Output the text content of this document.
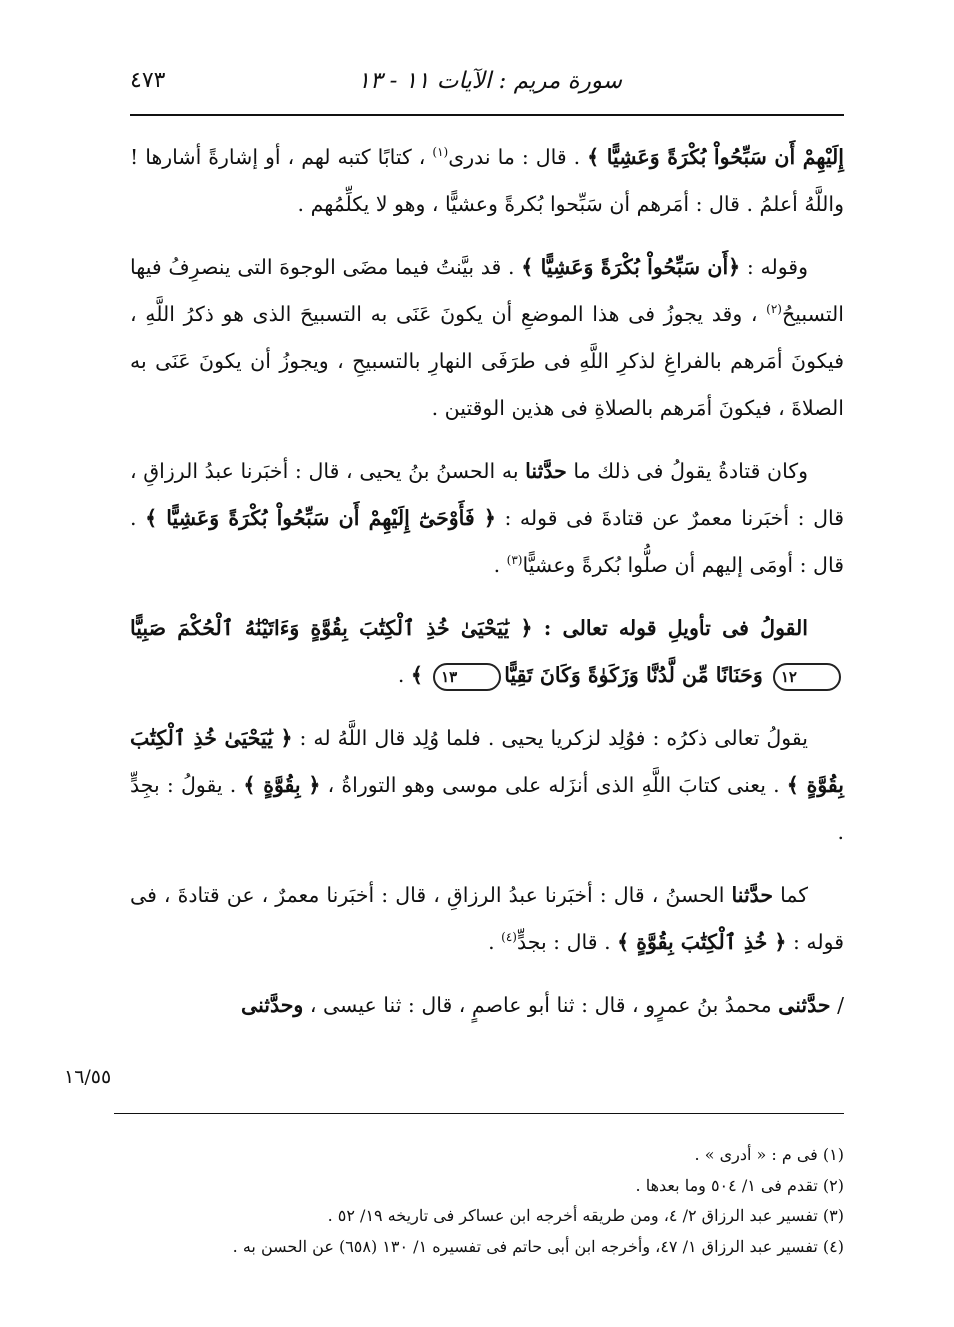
سورة مريم : الآيات ١١ - ١٣
٤٧٣

إِلَيْهِمْ أَن سَبِّحُواْ بُكْرَةً وَعَشِيًّا ﴾ . قال : ما ندرى$^{(١)}$ ، كتابًا كتبه لهم ، أو إشارةً أشارها ! واللَّهُ أعلمُ . قال : أمَرهم أن سَبِّحوا بُكرةً وعشيًّا ، وهو لا يكلِّمُهم .

وقوله : ﴿أَن سَبِّحُواْ بُكْرَةً وَعَشِيًّا ﴾ . قد بيَّنتُ فيما مضَى الوجوهَ التى ينصرِفُ فيها التسبيحُ$^{(٢)}$ ، وقد يجوزُ فى هذا الموضعِ أن يكونَ عَنَى به التسبيحَ الذى هو ذكرُ اللَّهِ ، فيكونَ أمَرهم بالفراغِ لذكرِ اللَّهِ فى طرَفَى النهارِ بالتسبيحِ ، ويجوزُ أن يكونَ عَنَى به الصلاةَ ، فيكونَ أمَرهم بالصلاةِ فى هذين الوقتين .

وكان قتادةُ يقولُ فى ذلك ما حدَّثنا به الحسنُ بنُ يحيى ، قال : أخبَرنا عبدُ الرزاقِ ، قال : أخبَرنا معمرٌ عن قتادةَ فى قوله : ﴿ فَأَوْحَىٰٓ إِلَيْهِمْ أَن سَبِّحُواْ بُكْرَةً وَعَشِيًّا ﴾ . قال : أومَى إليهم أن صلُّوا بُكرةً وعشيًّا$^{(٣)}$ .

القولُ فى تأويلِ قوله تعالى : ﴿ يَٰيَحْيَىٰ خُذِ ٱلْكِتَٰبَ بِقُوَّةٍ وَءَاتَيْنَٰهُ ٱلْحُكْمَ صَبِيًّا١٢ وَحَنَانًا مِّن لَّدُنَّا وَزَكَوٰةً وَكَانَ تَقِيًّا١٣ ﴾ .

يقولُ تعالى ذكرُه : فوُلِد لزكريا يحيى . فلما وُلِد قال اللَّهُ له : ﴿ يَٰيَحْيَىٰ خُذِ ٱلْكِتَٰبَ بِقُوَّةٍ ﴾ . يعنى كتابَ اللَّهِ الذى أنزَله على موسى وهو التوراةُ ، ﴿ بِقُوَّةٍ ﴾ . يقولُ : بجِدٍّ .

كما حدَّثنا الحسنُ ، قال : أخبَرنا عبدُ الرزاقِ ، قال : أخبَرنا معمرٌ ، عن قتادةَ ، فى قوله : ﴿ خُذِ ٱلْكِتَٰبَ بِقُوَّةٍ ﴾ . قال : بجدٍّ$^{(٤)}$ .

/ حدَّثنى محمدُ بنُ عمرٍو ، قال : ثنا أبو عاصمٍ ، قال : ثنا عيسى ، وحدَّثنى

١٦/٥٥

(١) فى م : « أدرى » .

(٢) تقدم فى ١/ ٥٠٤ وما بعدها .

(٣) تفسير عبد الرزاق ٢/ ٤، ومن طريقه أخرجه ابن عساكر فى تاريخه ١٩/ ٥٢ .

(٤) تفسير عبد الرزاق ١/ ٤٧، وأخرجه ابن أبى حاتم فى تفسيره ١/ ١٣٠ (٦٥٨) عن الحسن به .
